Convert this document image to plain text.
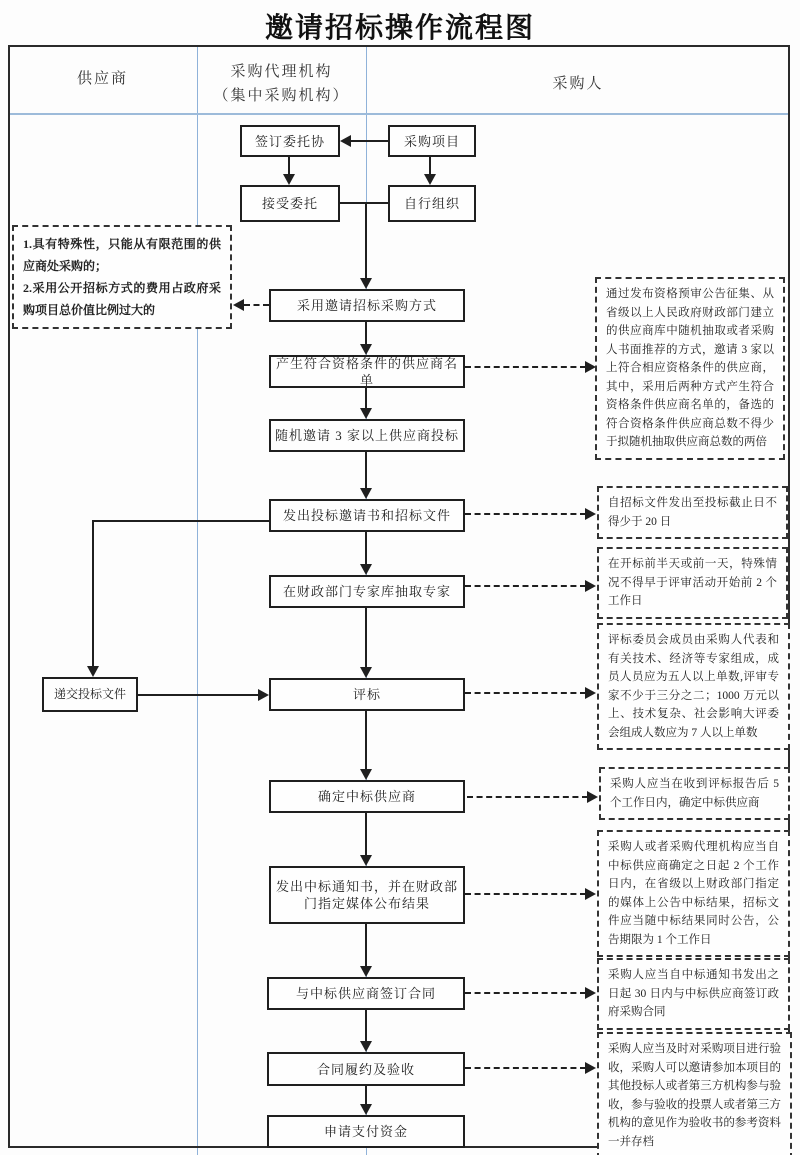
邀请招标操作流程图
供应商	采购代理机构
（集中采购机构）
采购人
签订委托协	采购项目
接受委托	自行组织
采用邀请招标采购方式
产生符合资格条件的供应商名单
随机邀请 3 家以上供应商投标
发出投标邀请书和招标文件
在财政部门专家库抽取专家
评标
确定中标供应商
发出中标通知书，并在财政部门指定媒体公布结果
与中标供应商签订合同
合同履约及验收
申请支付资金
递交投标文件
1.具有特殊性，只能从有限范围的供应商处采购的；
2.采用公开招标方式的费用占政府采购项目总价值比例过大的
通过发布资格预审公告征集、从省级以上人民政府财政部门建立的供应商库中随机抽取或者采购人书面推荐的方式，邀请 3 家以上符合相应资格条件的供应商，其中，采用后两种方式产生符合资格条件供应商名单的，备选的符合资格条件供应商总数不得少于拟随机抽取供应商总数的两倍
自招标文件发出至投标截止日不得少于 20 日
在开标前半天或前一天，特殊情况不得早于评审活动开始前 2 个工作日
评标委员会成员由采购人代表和有关技术、经济等专家组成，成员人员应为五人以上单数,评审专家不少于三分之二；1000 万元以上、技术复杂、社会影响大评委会组成人数应为 7 人以上单数
采购人应当在收到评标报告后 5 个工作日内，确定中标供应商
采购人或者采购代理机构应当自中标供应商确定之日起 2 个工作日内，在省级以上财政部门指定的媒体上公告中标结果，招标文件应当随中标结果同时公告，公告期限为 1 个工作日
采购人应当自中标通知书发出之日起 30 日内与中标供应商签订政府采购合同
采购人应当及时对采购项目进行验收，采购人可以邀请参加本项目的其他投标人或者第三方机构参与验收，参与验收的投票人或者第三方机构的意见作为验收书的参考资料一并存档
